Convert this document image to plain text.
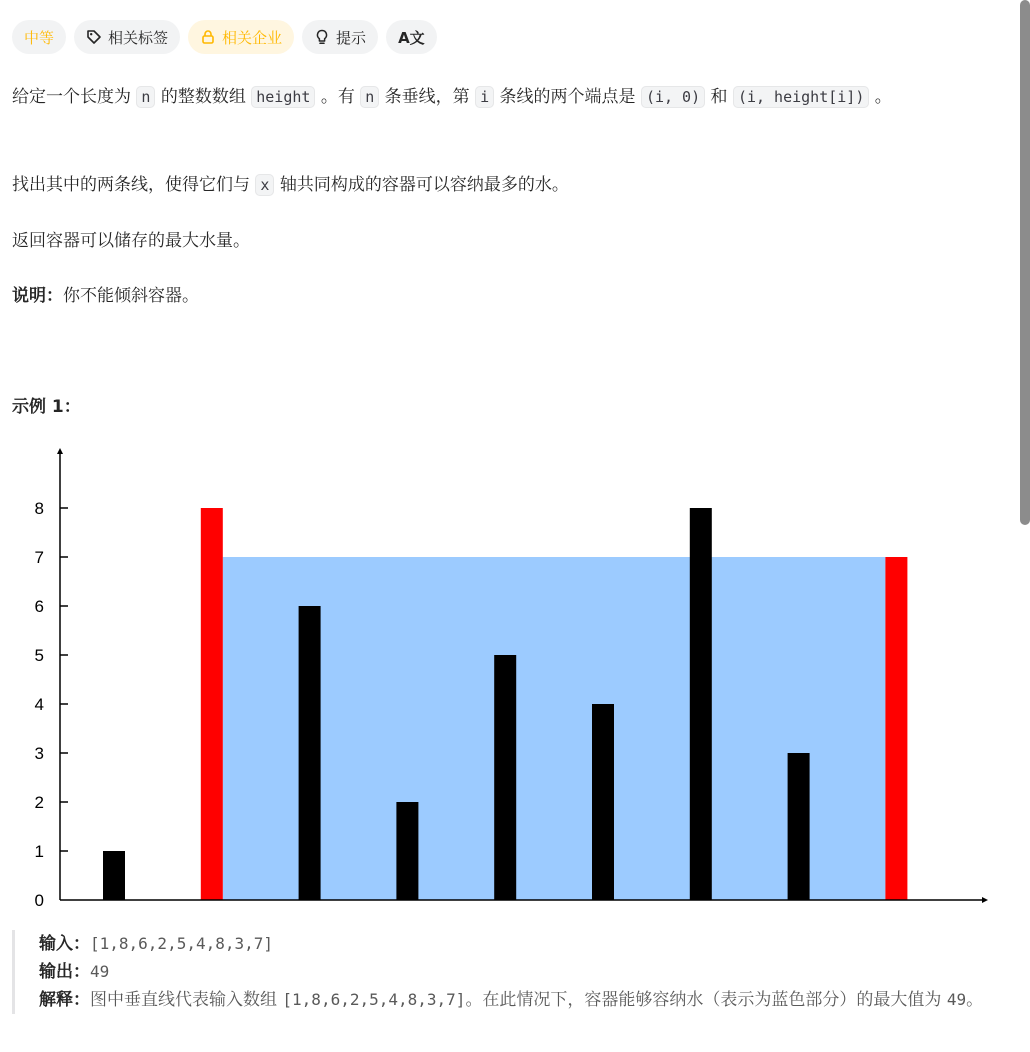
中等	相关标签	相关企业	提示 A文

给定一个长度为 n 的整数数组 height 。有 n 条垂线，第 i 条线的两个端点是 (i, 0) 和 (i, height[i]) 。

找出其中的两条线，使得它们与 x 轴共同构成的容器可以容纳最多的水。

返回容器可以储存的最大水量。

说明：你不能倾斜容器。

示例 1：
0
1
2
3
4
5
6
7
8
输入：[1,8,6,2,5,4,8,3,7]
输出：49
解释：图中垂直线代表输入数组 [1,8,6,2,5,4,8,3,7]。在此情况下，容器能够容纳水（表示为蓝色部分）的最大值为 49。
